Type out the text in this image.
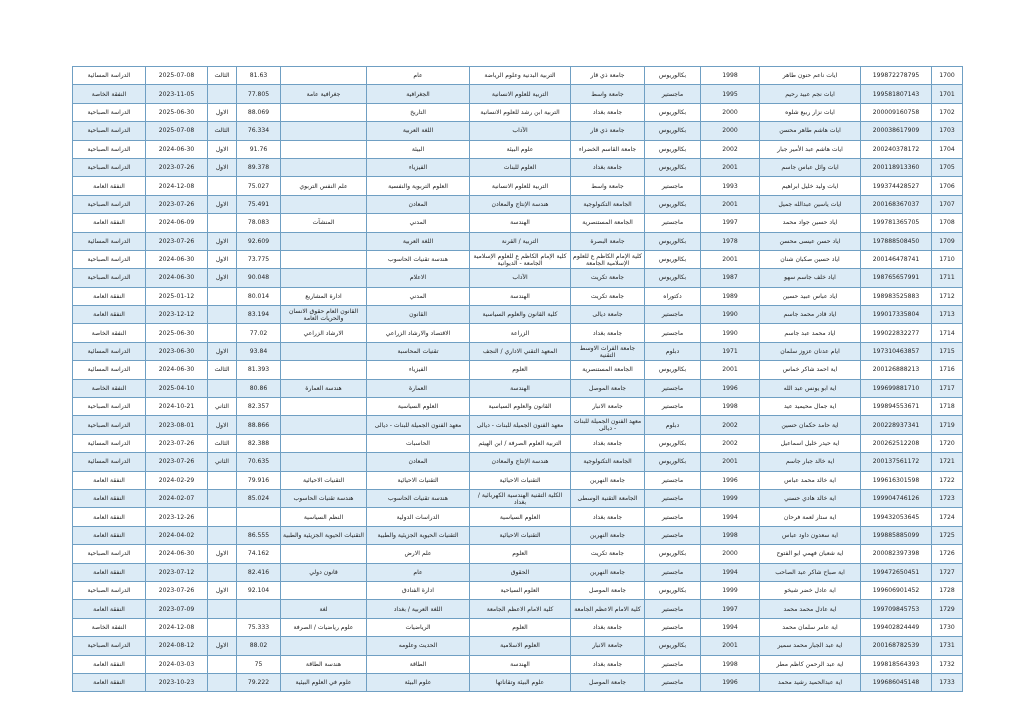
1700	199872278795	ايات ناعم حنون طاهر	1998	بكالوريوس	جامعة ذي قار	التربية البدنية وعلوم الرياضة	عام		81.63	الثالث	2025-07-08	الدراسة المسائية
1701	199581807143	ايات نجم عبيد رحيم	1995	ماجستير	جامعة واسط	التربية للعلوم الانسانية	الجغرافية	جغرافية عامة	77.805		2023-11-05	النفقة الخاصة
1702	200009160758	ايات نزار ربيع شلوه	2000	بكالوريوس	جامعة بغداد	التربية ابن رشد للعلوم الانسانية	التاريخ		88.069	الاول	2025-06-30	الدراسة الصباحية
1703	200038617909	ايات هاشم طاهر محسن	2000	بكالوريوس	جامعة ذي قار	الآداب	اللغة العربية		76.334	الثالث	2025-07-08	الدراسة الصباحية
1704	200240378172	ايات هاشم عبد الأمير جبار	2002	بكالوريوس	جامعة القاسم الخضراء	علوم البيئة	البيئة		91.76	الاول	2024-06-30	الدراسة الصباحية
1705	200118913360	ايات وائل عباس جاسم	2001	بكالوريوس	جامعة بغداد	العلوم للبنات	الفيزياء		89.378	الاول	2023-07-26	الدراسة الصباحية
1706	199374428527	ايات وليد خليل ابراهيم	1993	ماجستير	جامعة واسط	التربية للعلوم الانسانية	العلوم التربوية والنفسية	علم النفس التربوي	75.027		2024-12-08	النفقة العامة
1707	200168367037	ايات ياسين عبدالله جميل	2001	بكالوريوس	الجامعة التكنولوجية	هندسة الإنتاج والمعادن	المعادن		75.491	الاول	2023-07-26	الدراسة الصباحية
1708	199781365705	اياد حسين جواد محمد	1997	ماجستير	الجامعة المستنصرية	الهندسة	المدني	المنشآت	78.083		2024-06-09	النفقة العامة
1709	197888508450	اياد حسن عيسى محسن	1978	بكالوريوس	جامعة البصرة	التربية / القرنة	اللغة العربية		92.609	الاول	2023-07-26	الدراسة المسائية
1710	200146478741	اياد حسين صكبان شنان	2001	بكالوريوس	كلية الإمام الكاظم ع للعلوم الإسلامية الجامعة	كلية الإمام الكاظم ع للعلوم الإسلامية الجامعة - الديوانية	هندسة تقنيات الحاسوب		73.775	الاول	2024-06-30	الدراسة الصباحية
1711	198765657991	اياد خلف جاسم سهو	1987	بكالوريوس	جامعة تكريت	الآداب	الاعلام		90.048	الاول	2024-06-30	الدراسة الصباحية
1712	198983525883	اياد عباس عبيد حسين	1989	دكتوراه	جامعة تكريت	الهندسة	المدني	ادارة المشاريع	80.014		2025-01-12	النفقة العامة
1713	199017335804	اياد قادر محمد جاسم	1990	ماجستير	جامعة ديالى	كلية القانون والعلوم السياسية	القانون	القانون العام حقوق الانسان والحريات العامة	83.194		2023-12-12	النفقة العامة
1714	199022832277	اياد محمد عبد جاسم	1990	ماجستير	جامعة بغداد	الزراعة	الاقتصاد والارشاد الزراعي	الارشاد الزراعي	77.02		2025-06-30	النفقة الخاصة
1715	197310463857	ايام عدنان عزوز سلمان	1971	دبلوم	جامعة الفرات الاوسط التقنية	المعهد التقني الاداري / النجف	تقنيات المحاسبة		93.84	الاول	2023-06-30	الدراسة المسائية
1716	200126888213	اية احمد شاكر خماس	2001	بكالوريوس	الجامعة المستنصرية	العلوم	الفيزياء		81.393	الثالث	2024-06-30	الدراسة المسائية
1717	199699881710	اية ابو يونس عبد الله	1996	ماجستير	جامعة الموصل	الهندسة	العمارة	هندسة العمارة	80.86		2025-04-10	النفقة الخاصة
1718	199894553671	اية جمال محيميد عيد	1998	ماجستير	جامعة الانبار	القانون والعلوم السياسية	العلوم السياسية		82.357	الثاني	2024-10-21	الدراسة الصباحية
1719	200228937341	اية حامد حكمان حسين	2002	دبلوم	معهد الفنون الجميلة للبنات - ديالى	معهد الفنون الجميلة للبنات - ديالى	معهد الفنون الجميلة للبنات - ديالى		88.866	الاول	2023-08-01	الدراسة الصباحية
1720	200262512208	اية حيدر خليل اسماعيل	2002	بكالوريوس	جامعة بغداد	التربية العلوم الصرفة / ابن الهيثم	الحاسبات		82.388	الثالث	2023-07-26	الدراسة المسائية
1721	200137561172	اية خالد جبار جاسم	2001	بكالوريوس	الجامعة التكنولوجية	هندسة الإنتاج والمعادن	المعادن		70.635	الثاني	2023-07-26	الدراسة المسائية
1722	199616301598	اية خالد محمد عباس	1996	ماجستير	جامعة النهرين	التقنيات الاحيائية	التقنيات الاحيائية	التقنيات الاحيائية	79.916		2024-02-29	النفقة العامة
1723	199904746126	اية خالد هادي حسني	1999	ماجستير	الجامعة التقنية الوسطى	الكلية التقنية الهندسية الكهربائية / بغداد	هندسة تقنيات الحاسوب	هندسة تقنيات الحاسوب	85.024		2024-02-07	النفقة العامة
1724	199432053645	اية ستار لعمة فرحان	1994	ماجستير	جامعة بغداد	العلوم السياسية	الدراسات الدولية	النظم السياسية			2023-12-26	النفقة العامة
1725	199885885099	اية سعدون داود عباس	1998	ماجستير	جامعة النهرين	التقنيات الاحيائية	التقنيات الحيوية الجزيئية والطبية	التقنيات الحيوية الجزيئية والطبية	86.555		2024-04-02	النفقة العامة
1726	200082397398	اية شعبان فهمي ابو الفتوح	2000	بكالوريوس	جامعة تكريت	العلوم	علم الارض		74.162	الاول	2024-06-30	الدراسة الصباحية
1727	199472650451	اية صباح شاكر عبد الصاحب	1994	ماجستير	جامعة النهرين	الحقوق	عام	قانون دولي	82.416		2023-07-12	النفقة العامة
1728	199606901452	اية عادل خضر شيخو	1999	بكالوريوس	جامعة الموصل	العلوم السياحية	ادارة الفنادق		92.104	الاول	2023-07-26	الدراسة الصباحية
1729	199709845753	اية عادل محمد محمد	1997	ماجستير	كلية الامام الاعظم الجامعة	كلية الامام الاعظم الجامعة	اللغة العربية / بغداد	لغة			2023-07-09	النفقة العامة
1730	199402824449	اية عامر سلمان محمد	1994	ماجستير	جامعة بغداد	العلوم	الرياضيات	علوم رياضيات / الصرفة	75.333		2024-12-08	النفقة الخاصة
1731	200168782539	اية عبد الجبار محمد سمير	2001	بكالوريوس	جامعة الانبار	العلوم الاسلامية	الحديث وعلومه		88.02	الاول	2024-08-12	الدراسة الصباحية
1732	199818564393	اية عبد الرحمن كاظم مطر	1998	ماجستير	جامعة بغداد	الهندسة	الطاقة	هندسة الطاقة	75		2024-03-03	النفقة العامة
1733	199686045148	اية عبدالحميد رشيد محمد	1996	ماجستير	جامعة الموصل	علوم البيئة وتقاناتها	علوم البيئة	علوم في العلوم البيئية	79.222		2023-10-23	النفقة العامة
